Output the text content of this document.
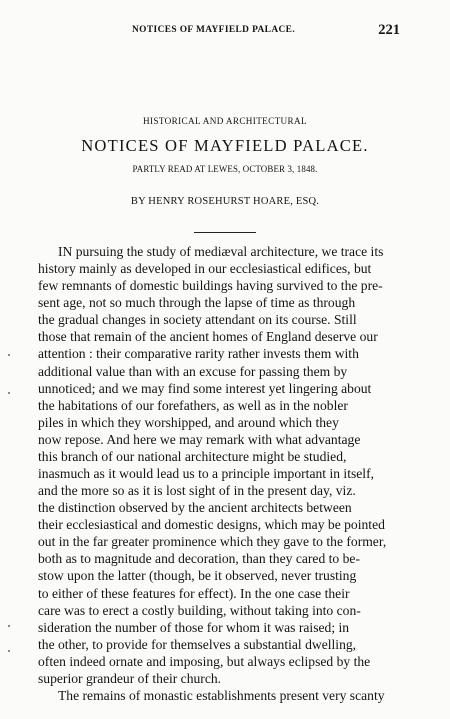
NOTICES OF MAYFIELD PALACE.	221
HISTORICAL AND ARCHITECTURAL
NOTICES OF MAYFIELD PALACE.
PARTLY READ AT LEWES, OCTOBER 3, 1848.
BY HENRY ROSEHURST HOARE, ESQ.
IN pursuing the study of mediæval architecture, we trace its
history mainly as developed in our ecclesiastical edifices, but
few remnants of domestic buildings having survived to the pre-
sent age, not so much through the lapse of time as through
the gradual changes in society attendant on its course. Still
those that remain of the ancient homes of England deserve our
attention : their comparative rarity rather invests them with
additional value than with an excuse for passing them by
unnoticed; and we may find some interest yet lingering about
the habitations of our forefathers, as well as in the nobler
piles in which they worshipped, and around which they
now repose. And here we may remark with what advantage
this branch of our national architecture might be studied,
inasmuch as it would lead us to a principle important in itself,
and the more so as it is lost sight of in the present day, viz.
the distinction observed by the ancient architects between
their ecclesiastical and domestic designs, which may be pointed
out in the far greater prominence which they gave to the former,
both as to magnitude and decoration, than they cared to be-
stow upon the latter (though, be it observed, never trusting
to either of these features for effect). In the one case their
care was to erect a costly building, without taking into con-
sideration the number of those for whom it was raised; in
the other, to provide for themselves a substantial dwelling,
often indeed ornate and imposing, but always eclipsed by the
superior grandeur of their church.
The remains of monastic establishments present very scanty
